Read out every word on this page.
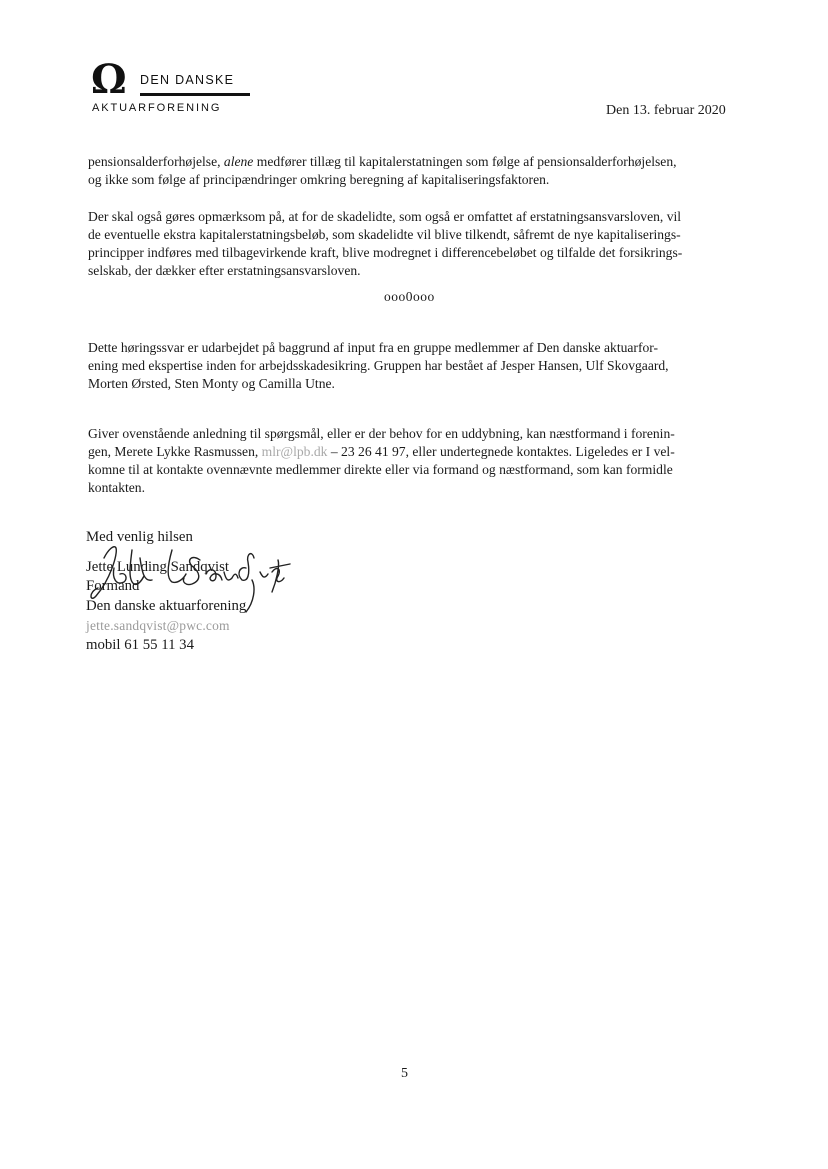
Ω DEN DANSKE
AKTUARFORENING	Den 13. februar 2020
pensionsalderforhøjelse, alene medfører tillæg til kapitalerstatningen som følge af pensionsalderforhøjelsen,
og ikke som følge af principændringer omkring beregning af kapitaliseringsfaktoren.
Der skal også gøres opmærksom på, at for de skadelidte, som også er omfattet af erstatningsansvarsloven, vil
de eventuelle ekstra kapitalerstatningsbeløb, som skadelidte vil blive tilkendt, såfremt de nye kapitaliserings-
principper indføres med tilbagevirkende kraft, blive modregnet i differencebeløbet og tilfalde det forsikrings-
selskab, der dækker efter erstatningsansvarsloven.
ooo0ooo
Dette høringssvar er udarbejdet på baggrund af input fra en gruppe medlemmer af Den danske aktuarfor-
ening med ekspertise inden for arbejdsskadesikring. Gruppen har bestået af Jesper Hansen, Ulf Skovgaard,
Morten Ørsted, Sten Monty og Camilla Utne.
Giver ovenstående anledning til spørgsmål, eller er der behov for en uddybning, kan næstformand i forenin-
gen, Merete Lykke Rasmussen, mlr@lpb.dk – 23 26 41 97, eller undertegnede kontaktes. Ligeledes er I vel-
komne til at kontakte ovennævnte medlemmer direkte eller via formand og næstformand, som kan formidle
kontakten.
Med venlig hilsen
Jette Lunding Sandqvist
Formand
Den danske aktuarforening
jette.sandqvist@pwc.com
mobil 61 55 11 34
5
